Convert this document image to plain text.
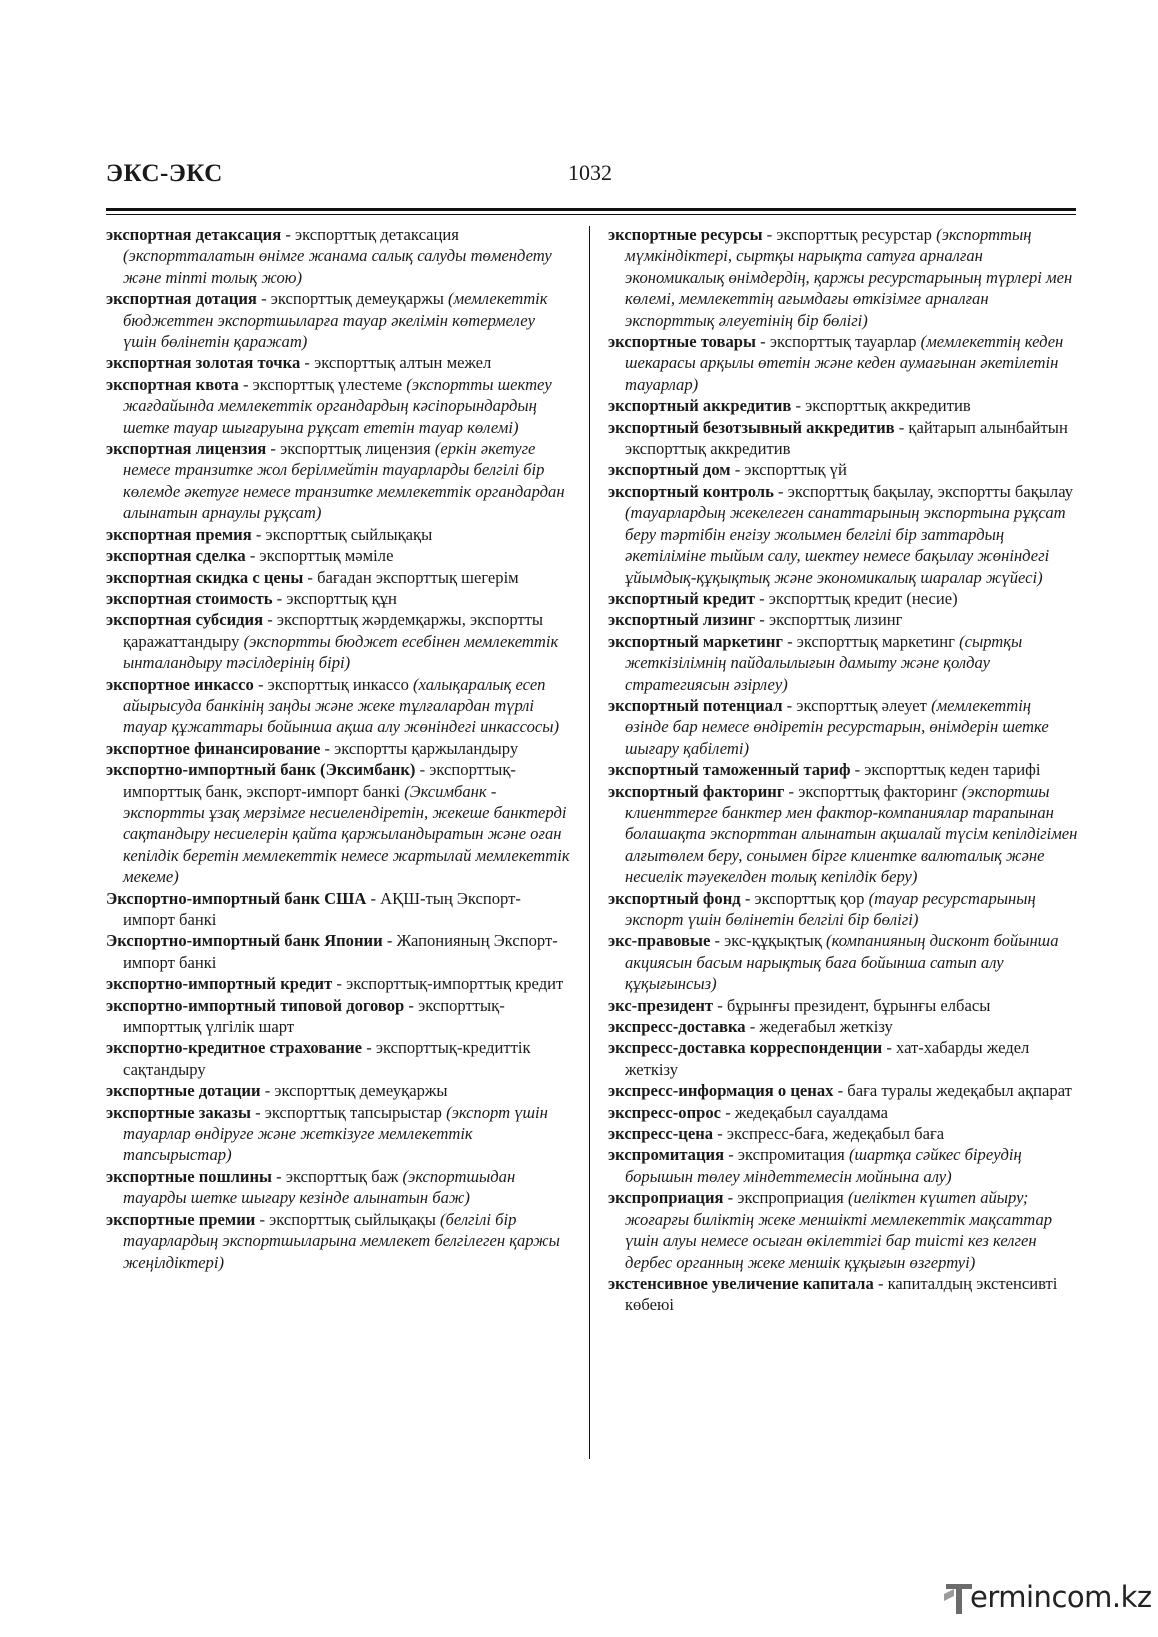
ЭКС-ЭКС	1032

экспортная детаксация - экспорттық детаксация (экспортталатын өнімге жанама салық салуды төмендету және тіпті толық жою)

экспортная дотация - экспорттық демеуқаржы (мемлекеттік бюджеттен экспортшыларға тауар әкелімін көтермелеу үшін бөлінетін қаражат)

экспортная золотая точка - экспорттық алтын межел

экспортная квота - экспорттық үлестеме (экспортты шектеу жағдайында мемлекеттік органдардың кәсіпорындардың шетке тауар шығаруына рұқсат ететін тауар көлемі)

экспортная лицензия - экспорттық лицензия (еркін әкетуге немесе транзитке жол берілмейтін тауарларды белгілі бір көлемде әкетуге немесе транзитке мемлекеттік органдардан алынатын арнаулы рұқсат)

экспортная премия - экспорттық сыйлықақы

экспортная сделка - экспорттық мәміле

экспортная скидка с цены - бағадан экспорттық шегерім

экспортная стоимость - экспорттық құн

экспортная субсидия - экспорттық жәрдемқаржы, экспортты қаражаттандыру (экспортты бюджет есебінен мемлекеттік ынталандыру тәсілдерінің бірі)

экспортное инкассо - экспорттық инкассо (халықаралық есеп айырысуда банкінің заңды және жеке тұлғалардан түрлі тауар құжаттары бойынша ақша алу жөніндегі инкассосы)

экспортное финансирование - экспортты қаржыландыру

экспортно-импортный банк (Эксимбанк) - экспорттық-импорттық банк, экспорт-импорт банкі (Эксимбанк - экспортты ұзақ мерзімге несиелендіретін, жекеше банктерді сақтандыру несиелерін қайта қаржыландыратын және оған кепілдік беретін мемлекеттік немесе жартылай мемлекеттік мекеме)

Экспортно-импортный банк США - АҚШ-тың Экспорт-импорт банкі

Экспортно-импортный банк Японии - Жапонияның Экспорт-импорт банкі

экспортно-импортный кредит - экспорттық-импорттық кредит

экспортно-импортный типовой договор - экспорттық-импорттық үлгілік шарт

экспортно-кредитное страхование - экспорттық-кредиттік сақтандыру

экспортные дотации - экспорттық демеуқаржы

экспортные заказы - экспорттық тапсырыстар (экспорт үшін тауарлар өндіруге және жеткізуге мемлекеттік тапсырыстар)

экспортные пошлины - экспорттық баж (экспортшыдан тауарды шетке шығару кезінде алынатын баж)

экспортные премии - экспорттық сыйлықақы (белгілі бір тауарлардың экспортшыларына мемлекет белгілеген қаржы жеңілдіктері)

экспортные ресурсы - экспорттық ресурстар (экспорттың мүмкіндіктері, сыртқы нарықта сатуға арналған экономикалық өнімдердің, қаржы ресурстарының түрлері мен көлемі, мемлекеттің ағымдағы өткізімге арналған экспорттық әлеуетінің бір бөлігі)

экспортные товары - экспорттық тауарлар (мемлекеттің кеден шекарасы арқылы өтетін және кеден аумағынан әкетілетін тауарлар)

экспортный аккредитив - экспорттық аккредитив

экспортный безотзывный аккредитив - қайтарып алынбайтын экспорттық аккредитив

экспортный дом - экспорттық үй

экспортный контроль - экспорттық бақылау, экспортты бақылау (тауарлардың жекелеген санаттарының экспортына рұқсат беру тәртібін енгізу жолымен белгілі бір заттардың әкетіліміне тыйым салу, шектеу немесе бақылау жөніндегі ұйымдық-құқықтық және экономикалық шаралар жүйесі)

экспортный кредит - экспорттық кредит (несие)

экспортный лизинг - экспорттық лизинг

экспортный маркетинг - экспорттық маркетинг (сыртқы жеткізілімнің пайдалылығын дамыту және қолдау стратегиясын әзірлеу)

экспортный потенциал - экспорттық әлеует (мемлекеттің өзінде бар немесе өндіретін ресурстарын, өнімдерін шетке шығару қабілеті)

экспортный таможенный тариф - экспорттық кеден тарифі

экспортный факторинг - экспорттық факторинг (экспортшы клиенттерге банктер мен фактор-компаниялар тарапынан болашақта экспорттан алынатын ақшалай түсім кепілдігімен алғытөлем беру, сонымен бірге клиентке валюталық және несиелік тәуекелден толық кепілдік беру)

экспортный фонд - экспорттық қор (тауар ресурстарының экспорт үшін бөлінетін белгілі бір бөлігі)

экс-правовые - экс-құқықтық (компанияның дисконт бойынша акциясын басым нарықтық баға бойынша сатып алу құқығынсыз)

экс-президент - бұрынғы президент, бұрынғы елбасы

экспресс-доставка - жедеғабыл жеткізу

экспресс-доставка корреспонденции - хат-хабарды жедел жеткізу

экспресс-информация о ценах - баға туралы жедеқабыл ақпарат

экспресс-опрос - жедеқабыл сауалдама

экспресс-цена - экспресс-баға, жедеқабыл баға

экспромитация - экспромитация (шартқа сәйкес біреудің борышын төлеу міндеттемесін мойнына алу)

экспроприация - экспроприация (иеліктен күштеп айыру; жоғарғы биліктің жеке меншікті мемлекеттік мақсаттар үшін алуы немесе осыған өкілеттігі бар тиісті кез келген дербес органның жеке меншік құқығын өзгертуі)

экстенсивное увеличение капитала - капиталдың экстенсивті көбеюі

ermincom.kz
